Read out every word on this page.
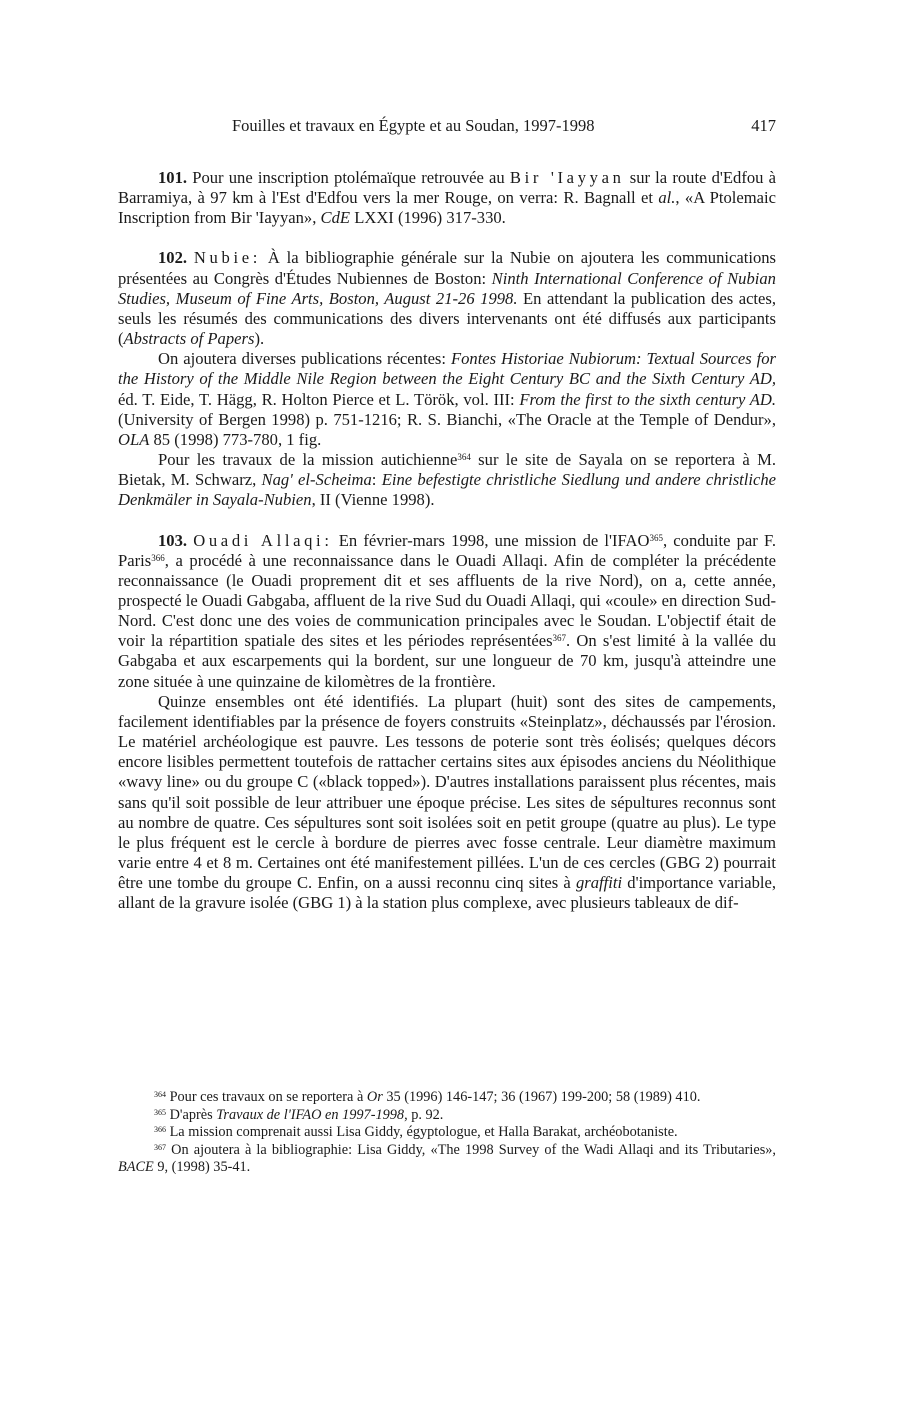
Fouilles et travaux en Égypte et au Soudan, 1997-1998	417

101. Pour une inscription ptolémaïque retrouvée au Bir 'Iayyan sur la route d'Edfou à Barramiya, à 97 km à l'Est d'Edfou vers la mer Rouge, on verra: R. Bagnall et al., «A Ptolemaic Inscription from Bir 'Iayyan», CdE LXXI (1996) 317-330.

102. Nubie: À la bibliographie générale sur la Nubie on ajoutera les communications présentées au Congrès d'Études Nubiennes de Boston: Ninth International Conference of Nubian Studies, Museum of Fine Arts, Boston, August 21-26 1998. En attendant la publication des actes, seuls les résumés des communications des divers intervenants ont été diffusés aux participants (Abstracts of Papers).

On ajoutera diverses publications récentes: Fontes Historiae Nubiorum: Textual Sources for the History of the Middle Nile Region between the Eight Century BC and the Sixth Century AD, éd. T. Eide, T. Hägg, R. Holton Pierce et L. Török, vol. III: From the first to the sixth century AD. (University of Bergen 1998) p. 751-1216; R. S. Bianchi, «The Oracle at the Temple of Dendur», OLA 85 (1998) 773-780, 1 fig.

Pour les travaux de la mission autichienne$^{364}$ sur le site de Sayala on se reportera à M. Bietak, M. Schwarz, Nag' el-Scheima: Eine befestigte christliche Siedlung und andere christliche Denkmäler in Sayala-Nubien, II (Vienne 1998).

103. Ouadi Allaqi: En février-mars 1998, une mission de l'IFAO$^{365}$, conduite par F. Paris$^{366}$, a procédé à une reconnaissance dans le Ouadi Allaqi. Afin de compléter la précédente reconnaissance (le Ouadi proprement dit et ses affluents de la rive Nord), on a, cette année, prospecté le Ouadi Gabgaba, affluent de la rive Sud du Ouadi Allaqi, qui «coule» en direction Sud-Nord. C'est donc une des voies de communication principales avec le Soudan. L'objectif était de voir la répartition spatiale des sites et les périodes représentées$^{367}$. On s'est limité à la vallée du Gabgaba et aux escarpements qui la bordent, sur une longueur de 70 km, jusqu'à atteindre une zone située à une quinzaine de kilomètres de la frontière.

Quinze ensembles ont été identifiés. La plupart (huit) sont des sites de campements, facilement identifiables par la présence de foyers construits «Steinplatz», déchaussés par l'érosion. Le matériel archéologique est pauvre. Les tessons de poterie sont très éolisés; quelques décors encore lisibles permettent toutefois de rattacher certains sites aux épisodes anciens du Néolithique «wavy line» ou du groupe C («black topped»). D'autres installations paraissent plus récentes, mais sans qu'il soit possible de leur attribuer une époque précise. Les sites de sépultures reconnus sont au nombre de quatre. Ces sépultures sont soit isolées soit en petit groupe (quatre au plus). Le type le plus fréquent est le cercle à bordure de pierres avec fosse centrale. Leur diamètre maximum varie entre 4 et 8 m. Certaines ont été manifestement pillées. L'un de ces cercles (GBG 2) pourrait être une tombe du groupe C. Enfin, on a aussi reconnu cinq sites à graffiti d'importance variable, allant de la gravure isolée (GBG 1) à la station plus complexe, avec plusieurs tableaux de dif-

$^{364}$ Pour ces travaux on se reportera à Or 35 (1996) 146-147; 36 (1967) 199-200; 58 (1989) 410.

$^{365}$ D'après Travaux de l'IFAO en 1997-1998, p. 92.

$^{366}$ La mission comprenait aussi Lisa Giddy, égyptologue, et Halla Barakat, archéobotaniste.

$^{367}$ On ajoutera à la bibliographie: Lisa Giddy, «The 1998 Survey of the Wadi Allaqi and its Tributaries», BACE 9, (1998) 35-41.
